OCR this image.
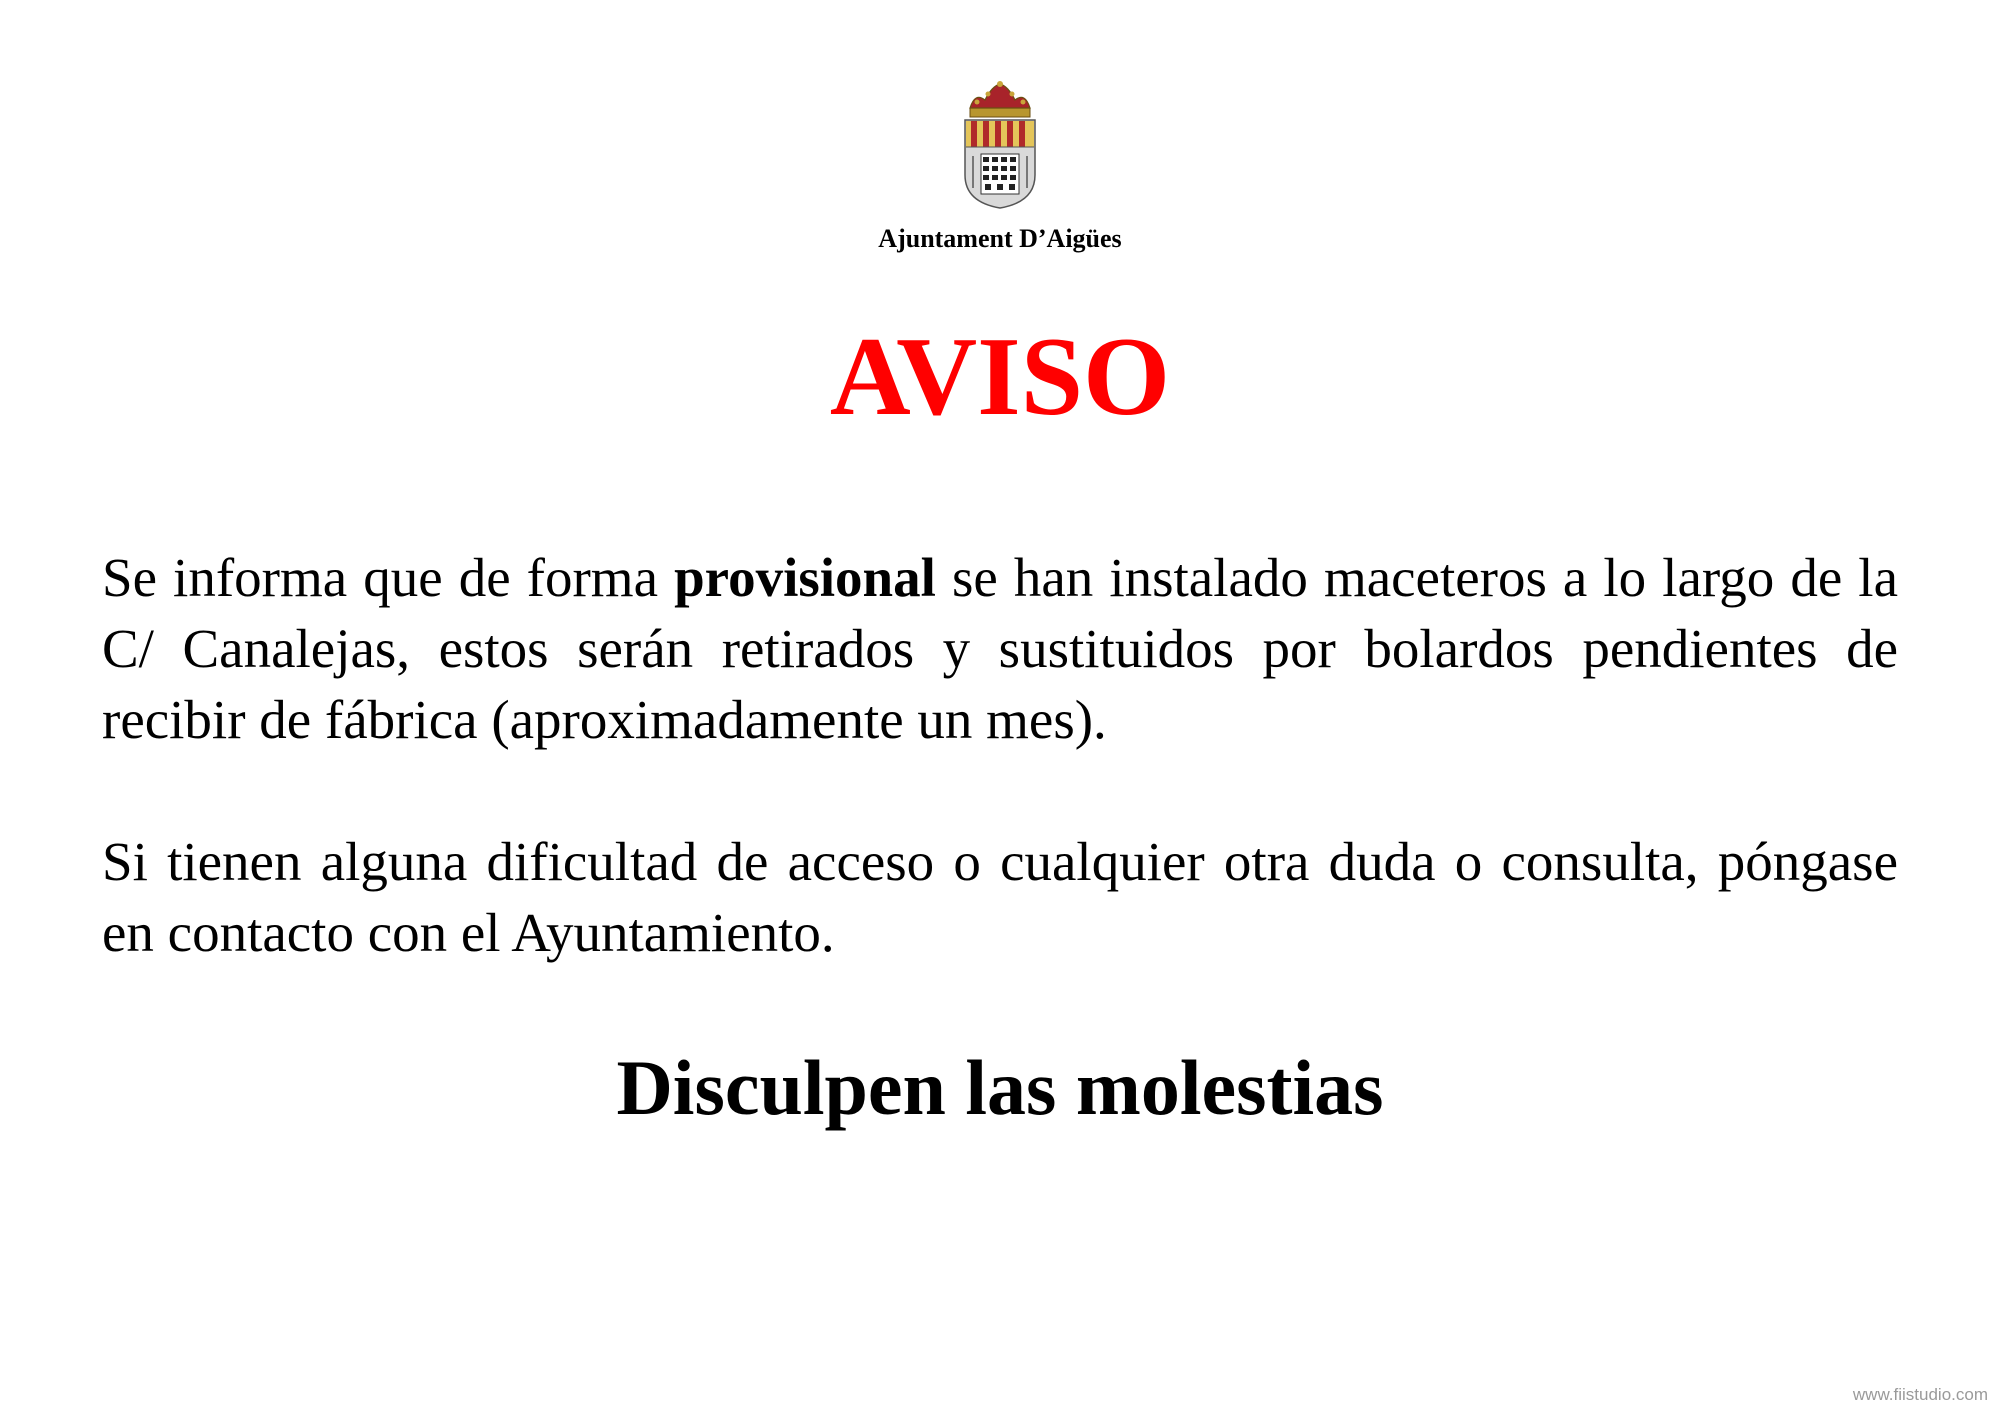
Ajuntament D’Aigües
AVISO

Se informa que de forma provisional se han instalado maceteros a lo largo de la C/ Canalejas, estos serán retirados y sustituidos por bolardos pendientes de recibir de fábrica (aproximadamente un mes).

Si tienen alguna dificultad de acceso o cualquier otra duda o consulta, póngase en contacto con el Ayuntamiento.

Disculpen las molestias
www.fiistudio.com
